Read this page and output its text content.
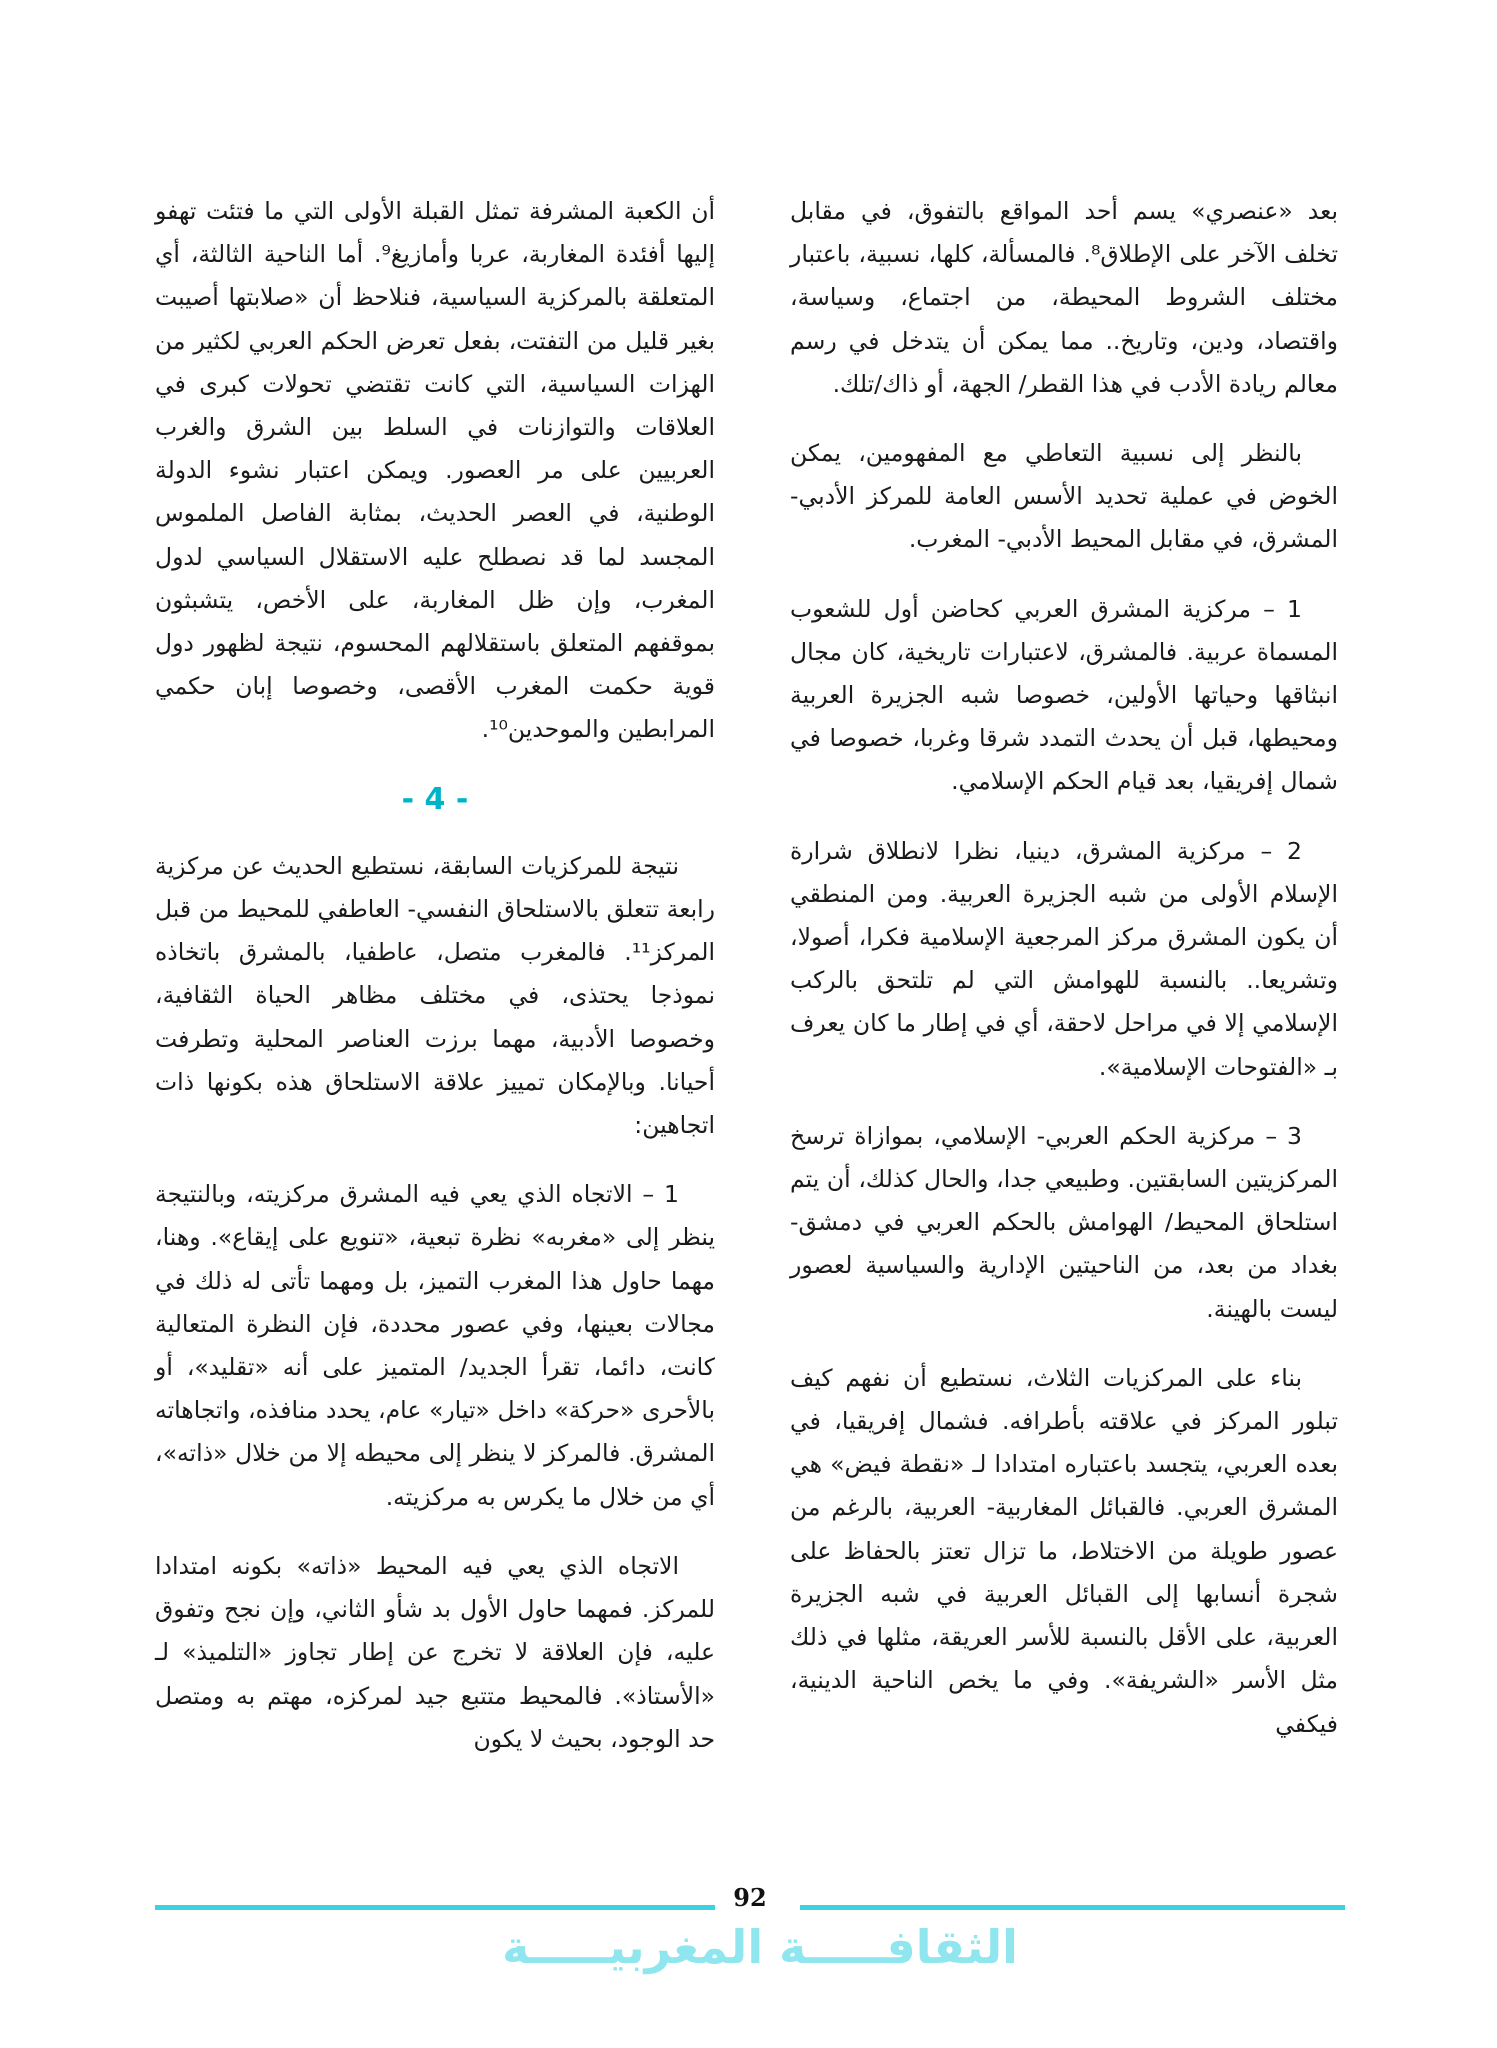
بعد «عنصري» يسم أحد المواقع بالتفوق، في مقابل تخلف الآخر على الإطلاق⁸. فالمسألة، كلها، نسبية، باعتبار مختلف الشروط المحيطة، من اجتماع، وسياسة، واقتصاد، ودين، وتاريخ.. مما يمكن أن يتدخل في رسم معالم ريادة الأدب في هذا القطر/ الجهة، أو ذاك/تلك.

بالنظر إلى نسبية التعاطي مع المفهومين، يمكن الخوض في عملية تحديد الأسس العامة للمركز الأدبي- المشرق، في مقابل المحيط الأدبي- المغرب.

1 – مركزية المشرق العربي كحاضن أول للشعوب المسماة عربية. فالمشرق، لاعتبارات تاريخية، كان مجال انبثاقها وحياتها الأولين، خصوصا شبه الجزيرة العربية ومحيطها، قبل أن يحدث التمدد شرقا وغربا، خصوصا في شمال إفريقيا، بعد قيام الحكم الإسلامي.

2 – مركزية المشرق، دينيا، نظرا لانطلاق شرارة الإسلام الأولى من شبه الجزيرة العربية. ومن المنطقي أن يكون المشرق مركز المرجعية الإسلامية فكرا، أصولا، وتشريعا.. بالنسبة للهوامش التي لم تلتحق بالركب الإسلامي إلا في مراحل لاحقة، أي في إطار ما كان يعرف بـ «الفتوحات الإسلامية».

3 – مركزية الحكم العربي- الإسلامي، بموازاة ترسخ المركزيتين السابقتين. وطبيعي جدا، والحال كذلك، أن يتم استلحاق المحيط/ الهوامش بالحكم العربي في دمشق- بغداد من بعد، من الناحيتين الإدارية والسياسية لعصور ليست بالهينة.

بناء على المركزيات الثلاث، نستطيع أن نفهم كيف تبلور المركز في علاقته بأطرافه. فشمال إفريقيا، في بعده العربي، يتجسد باعتباره امتدادا لـ «نقطة فيض» هي المشرق العربي. فالقبائل المغاربية- العربية، بالرغم من عصور طويلة من الاختلاط، ما تزال تعتز بالحفاظ على شجرة أنسابها إلى القبائل العربية في شبه الجزيرة العربية، على الأقل بالنسبة للأسر العريقة، مثلها في ذلك مثل الأسر «الشريفة». وفي ما يخص الناحية الدينية، فيكفي

أن الكعبة المشرفة تمثل القبلة الأولى التي ما فتئت تهفو إليها أفئدة المغاربة، عربا وأمازيغ⁹. أما الناحية الثالثة، أي المتعلقة بالمركزية السياسية، فنلاحظ أن «صلابتها أصيبت بغير قليل من التفتت، بفعل تعرض الحكم العربي لكثير من الهزات السياسية، التي كانت تقتضي تحولات كبرى في العلاقات والتوازنات في السلط بين الشرق والغرب العربيين على مر العصور. ويمكن اعتبار نشوء الدولة الوطنية، في العصر الحديث، بمثابة الفاصل الملموس المجسد لما قد نصطلح عليه الاستقلال السياسي لدول المغرب، وإن ظل المغاربة، على الأخص، يتشبثون بموقفهم المتعلق باستقلالهم المحسوم، نتيجة لظهور دول قوية حكمت المغرب الأقصى، وخصوصا إبان حكمي المرابطين والموحدين¹⁰.

- 4 -

نتيجة للمركزيات السابقة، نستطيع الحديث عن مركزية رابعة تتعلق بالاستلحاق النفسي- العاطفي للمحيط من قبل المركز¹¹. فالمغرب متصل، عاطفيا، بالمشرق باتخاذه نموذجا يحتذى، في مختلف مظاهر الحياة الثقافية، وخصوصا الأدبية، مهما برزت العناصر المحلية وتطرفت أحيانا. وبالإمكان تمييز علاقة الاستلحاق هذه بكونها ذات اتجاهين:

1 – الاتجاه الذي يعي فيه المشرق مركزيته، وبالنتيجة ينظر إلى «مغربه» نظرة تبعية، «تنويع على إيقاع». وهنا، مهما حاول هذا المغرب التميز، بل ومهما تأتى له ذلك في مجالات بعينها، وفي عصور محددة، فإن النظرة المتعالية كانت، دائما، تقرأ الجديد/ المتميز على أنه «تقليد»، أو بالأحرى «حركة» داخل «تيار» عام، يحدد منافذه، واتجاهاته المشرق. فالمركز لا ينظر إلى محيطه إلا من خلال «ذاته»، أي من خلال ما يكرس به مركزيته.

الاتجاه الذي يعي فيه المحيط «ذاته» بكونه امتدادا للمركز. فمهما حاول الأول بد شأو الثاني، وإن نجح وتفوق عليه، فإن العلاقة لا تخرج عن إطار تجاوز «التلميذ» لـ «الأستاذ». فالمحيط متتبع جيد لمركزه، مهتم به ومتصل حد الوجود، بحيث لا يكون

92
الثقافـــــة المغربيـــــة
